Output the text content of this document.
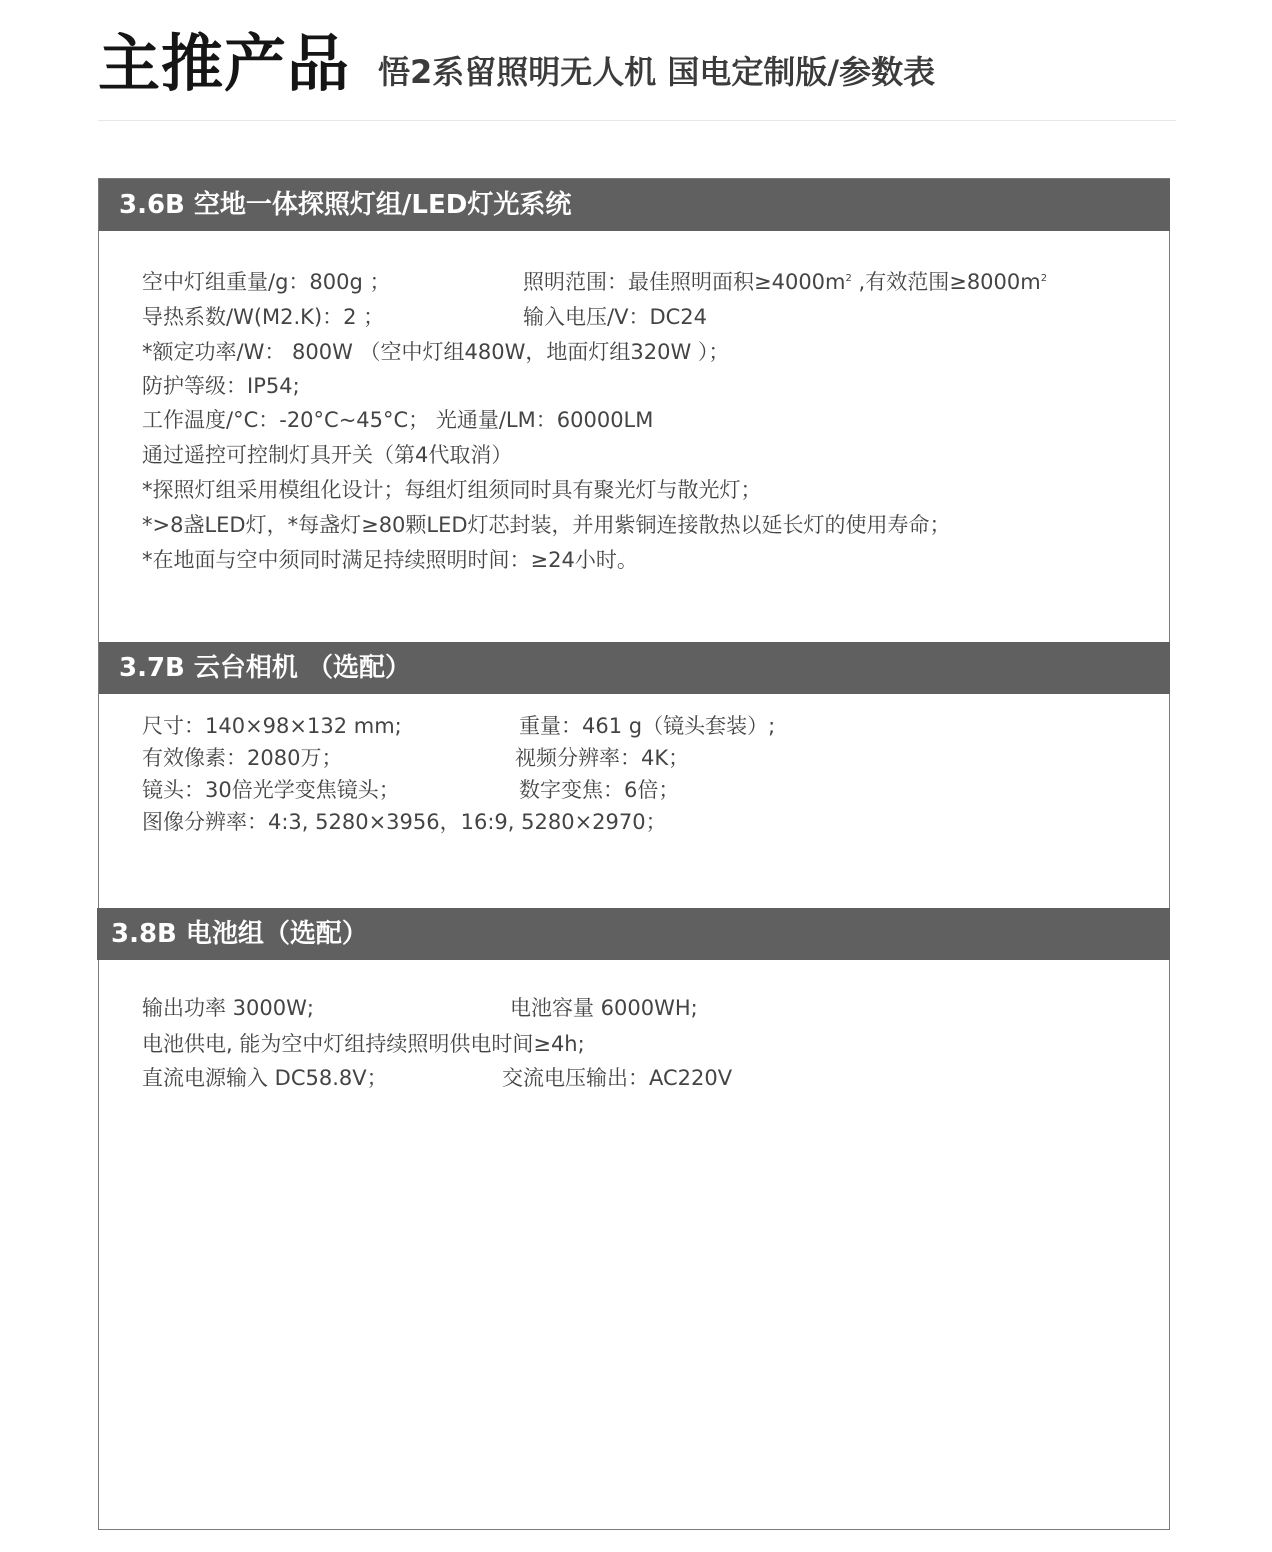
主推产品 悟2系留照明无人机 国电定制版/参数表
3.6B 空地一体探照灯组/LED灯光系统
空中灯组重量/g：800g ；	照明范围：最佳照明面积$\ge 4000m^2$ ,有效范围$\ge 8000m^2$
导热系数/W(M2.K)：2 ；	输入电压/V：DC24
*额定功率/W： 800W （空中灯组480W，地面灯组320W ）；
防护等级：IP54;
工作温度/°C：-20°C~45°C； 光通量/LM：60000LM
通过遥控可控制灯具开关（第4代取消）
*探照灯组采用模组化设计；每组灯组须同时具有聚光灯与散光灯；
*>8盏LED灯，*每盏灯≥80颗LED灯芯封装，并用紫铜连接散热以延长灯的使用寿命；
*在地面与空中须同时满足持续照明时间：≥24小时。
3.7B 云台相机 （选配）
尺寸：140×98×132 mm;	重量：461 g（镜头套装）;
有效像素：2080万；	视频分辨率：4K；
镜头：30倍光学变焦镜头；	数字变焦：6倍；
图像分辨率：4:3, 5280×3956，16:9, 5280×2970；
3.8B 电池组（选配）
输出功率 3000W;	电池容量 6000WH;
电池供电, 能为空中灯组持续照明供电时间≥4h;
直流电源输入 DC58.8V；	交流电压输出：AC220V
